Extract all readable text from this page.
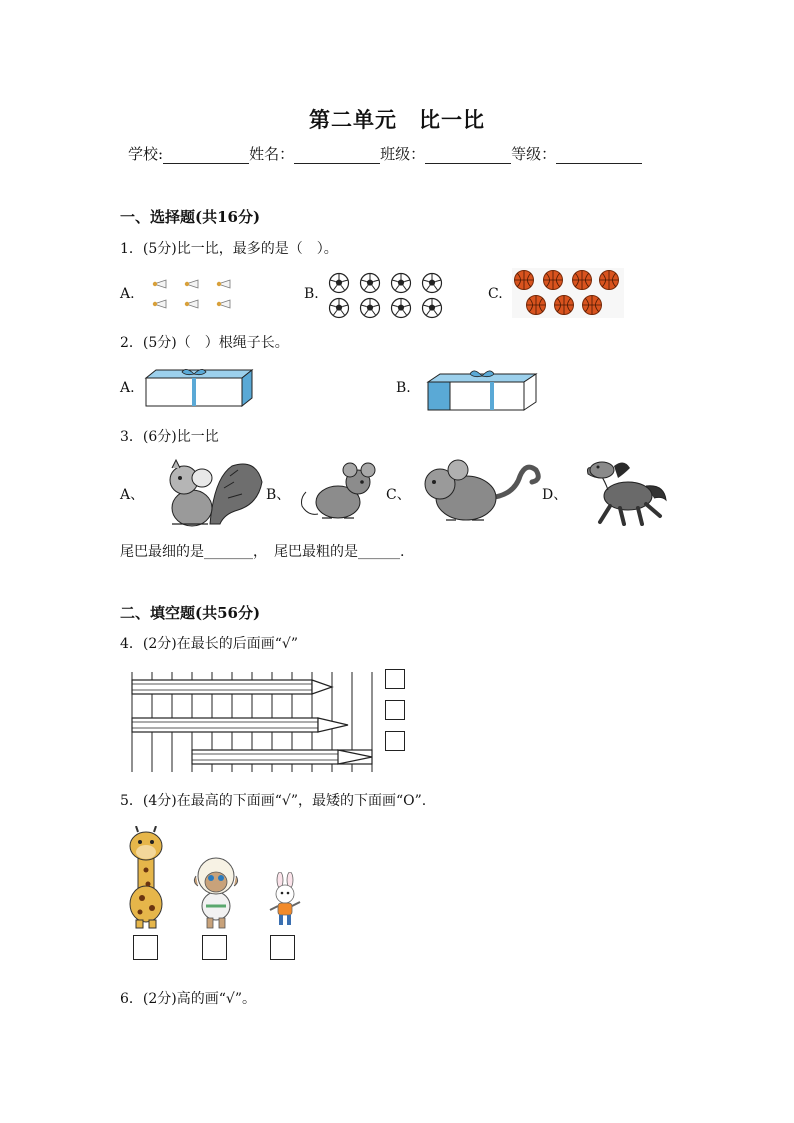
第二单元　比一比
学校:	姓名：	班级：	等级：
一、选择题(共16分)
1．(5分)比一比，最多的是（　）。
A.	B.	C.
2．(5分)（　）根绳子长。
A.	B.
3．(6分)比一比
A、	B、	C、	D、
尾巴最细的是_______，　尾巴最粗的是______.
二、填空题(共56分)
4．(2分)在最长的后面画“√”
5．(4分)在最高的下面画“√”，最矮的下面画“O”.
6．(2分)高的画“√”。
